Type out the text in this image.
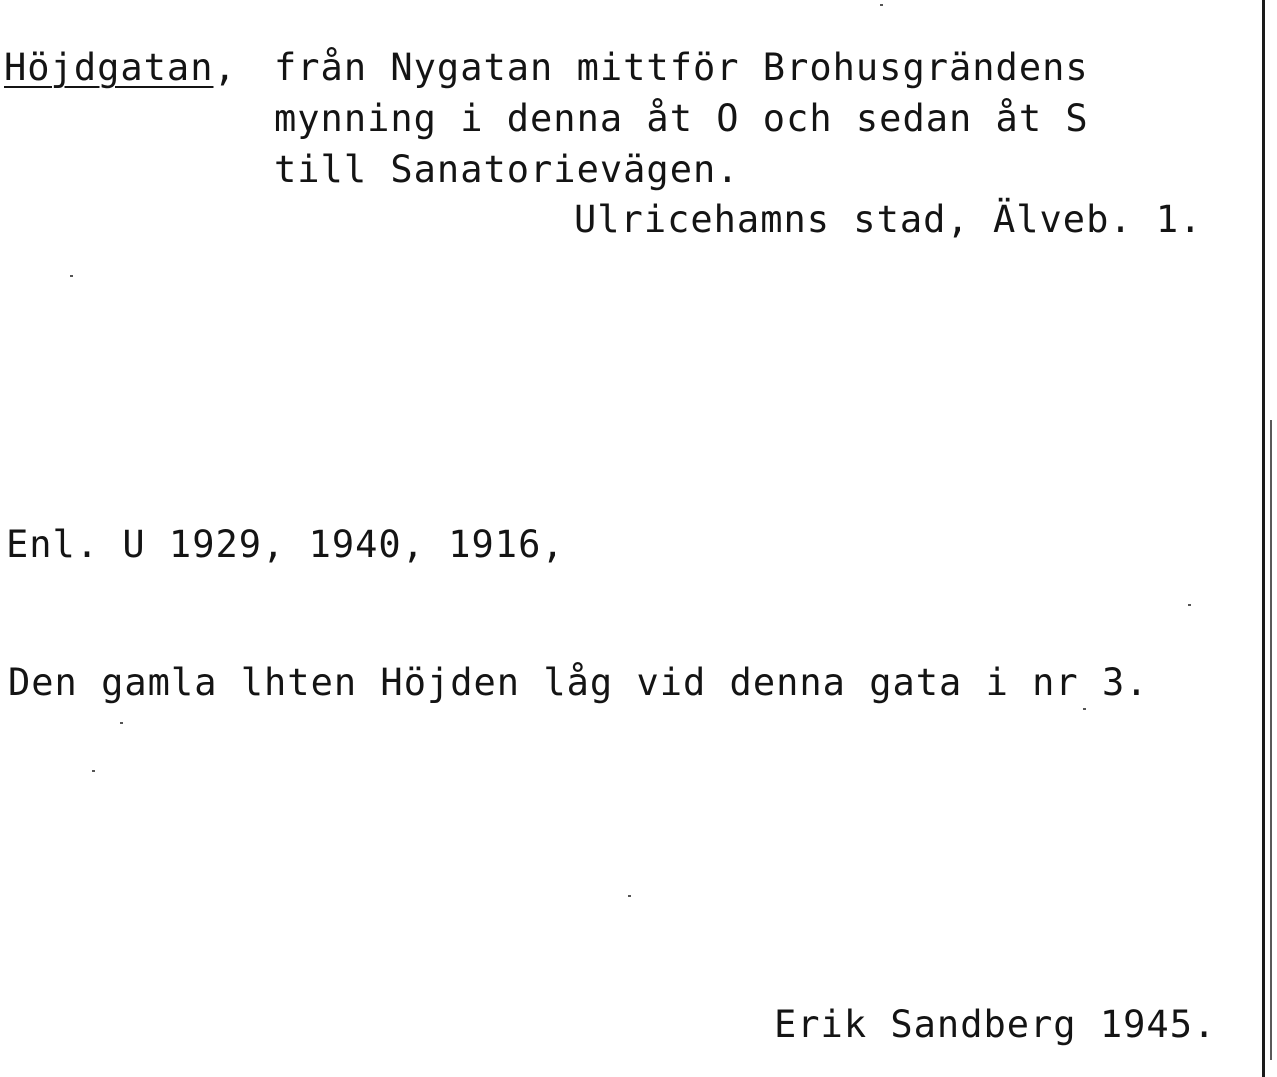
Höjdgatan, från Nygatan mittför Brohusgrändens
mynning i denna åt O och sedan åt S
till Sanatorievägen.
Ulricehamns stad, Älveb. 1.
Enl. U 1929, 1940, 1916,
Den gamla lhten Höjden låg vid denna gata i nr 3.
Erik Sandberg 1945.
